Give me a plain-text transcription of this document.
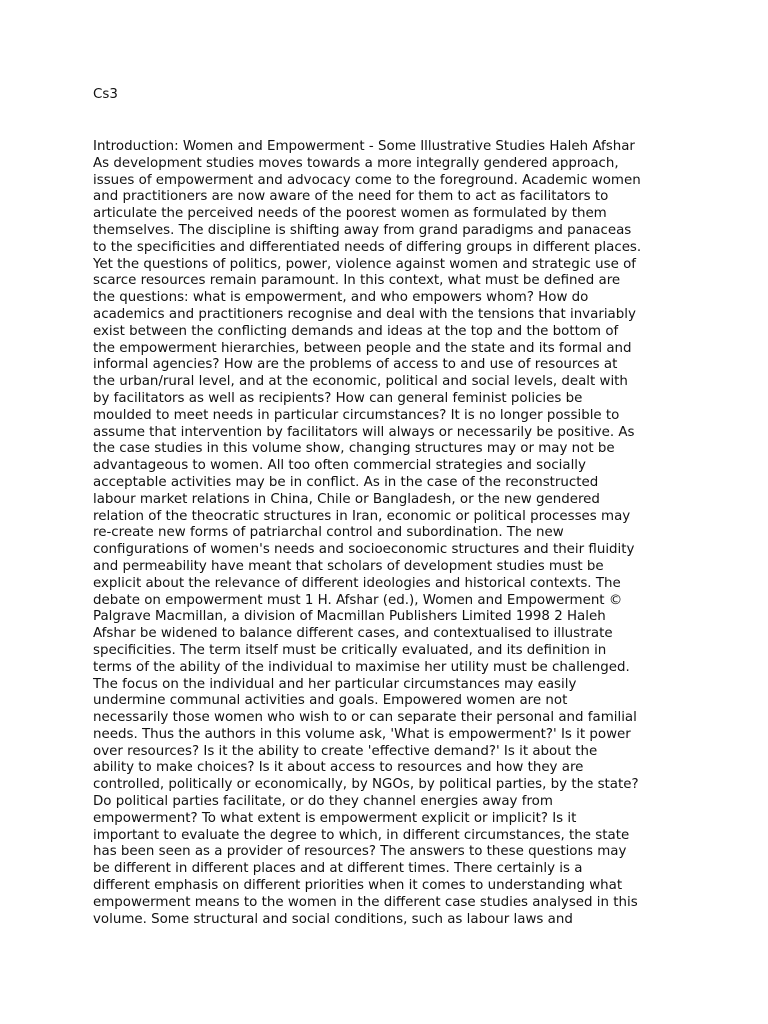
Cs3

Introduction: Women and Empowerment - Some Illustrative Studies Haleh Afshar
As development studies moves towards a more integrally gendered approach,
issues of empowerment and advocacy come to the foreground. Academic women
and practitioners are now aware of the need for them to act as facilitators to
articulate the perceived needs of the poorest women as formulated by them
themselves. The discipline is shifting away from grand paradigms and panaceas
to the specificities and differentiated needs of differing groups in different places.
Yet the questions of politics, power, violence against women and strategic use of
scarce resources remain paramount. In this context, what must be defined are
the questions: what is empowerment, and who empowers whom? How do
academics and practitioners recognise and deal with the tensions that invariably
exist between the conflicting demands and ideas at the top and the bottom of
the empowerment hierarchies, between people and the state and its formal and
informal agencies? How are the problems of access to and use of resources at
the urban/rural level, and at the economic, political and social levels, dealt with
by facilitators as well as recipients? How can general feminist policies be
moulded to meet needs in particular circumstances? It is no longer possible to
assume that intervention by facilitators will always or necessarily be positive. As
the case studies in this volume show, changing structures may or may not be
advantageous to women. All too often commercial strategies and socially
acceptable activities may be in conflict. As in the case of the reconstructed
labour market relations in China, Chile or Bangladesh, or the new gendered
relation of the theocratic structures in Iran, economic or political processes may
re-create new forms of patriarchal control and subordination. The new
configurations of women's needs and socioeconomic structures and their fluidity
and permeability have meant that scholars of development studies must be
explicit about the relevance of different ideologies and historical contexts. The
debate on empowerment must 1 H. Afshar (ed.), Women and Empowerment ©
Palgrave Macmillan, a division of Macmillan Publishers Limited 1998 2 Haleh
Afshar be widened to balance different cases, and contextualised to illustrate
specificities. The term itself must be critically evaluated, and its definition in
terms of the ability of the individual to maximise her utility must be challenged.
The focus on the individual and her particular circumstances may easily
undermine communal activities and goals. Empowered women are not
necessarily those women who wish to or can separate their personal and familial
needs. Thus the authors in this volume ask, 'What is empowerment?' Is it power
over resources? Is it the ability to create 'effective demand?' Is it about the
ability to make choices? Is it about access to resources and how they are
controlled, politically or economically, by NGOs, by political parties, by the state?
Do political parties facilitate, or do they channel energies away from
empowerment? To what extent is empowerment explicit or implicit? Is it
important to evaluate the degree to which, in different circumstances, the state
has been seen as a provider of resources? The answers to these questions may
be different in different places and at different times. There certainly is a
different emphasis on different priorities when it comes to understanding what
empowerment means to the women in the different case studies analysed in this
volume. Some structural and social conditions, such as labour laws and
